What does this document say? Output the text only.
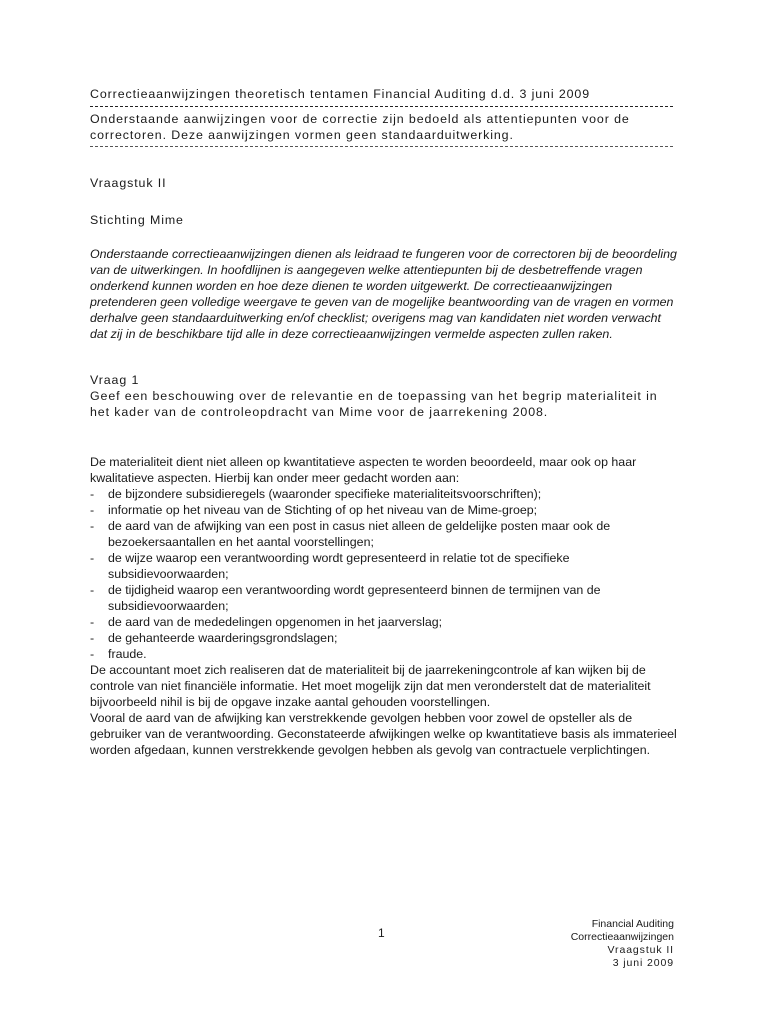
Correctieaanwijzingen theoretisch tentamen Financial Auditing d.d. 3 juni 2009

Onderstaande aanwijzingen voor de correctie zijn bedoeld als attentiepunten voor de correctoren. Deze aanwijzingen vormen geen standaarduitwerking.

Vraagstuk II

Stichting Mime

Onderstaande correctieaanwijzingen dienen als leidraad te fungeren voor de correctoren bij de beoordeling van de uitwerkingen. In hoofdlijnen is aangegeven welke attentiepunten bij de desbetreffende vragen onderkend kunnen worden en hoe deze dienen te worden uitgewerkt. De correctieaanwijzingen pretenderen geen volledige weergave te geven van de mogelijke beantwoording van de vragen en vormen derhalve geen standaarduitwerking en/of checklist; overigens mag van kandidaten niet worden verwacht dat zij in de beschikbare tijd alle in deze correctieaanwijzingen vermelde aspecten zullen raken.

Vraag 1

Geef een beschouwing over de relevantie en de toepassing van het begrip materialiteit in het kader van de controleopdracht van Mime voor de jaarrekening 2008.

De materialiteit dient niet alleen op kwantitatieve aspecten te worden beoordeeld, maar ook op haar kwalitatieve aspecten. Hierbij kan onder meer gedacht worden aan:

- de bijzondere subsidieregels (waaronder specifieke materialiteitsvoorschriften);
- informatie op het niveau van de Stichting of op het niveau van de Mime-groep;
- de aard van de afwijking van een post in casus niet alleen de geldelijke posten maar ook de bezoekersaantallen en het aantal voorstellingen;
- de wijze waarop een verantwoording wordt gepresenteerd in relatie tot de specifieke subsidievoorwaarden;
- de tijdigheid waarop een verantwoording wordt gepresenteerd binnen de termijnen van de subsidievoorwaarden;
- de aard van de mededelingen opgenomen in het jaarverslag;
- de gehanteerde waarderingsgrondslagen;
- fraude.

De accountant moet zich realiseren dat de materialiteit bij de jaarrekeningcontrole af kan wijken bij de controle van niet financiële informatie. Het moet mogelijk zijn dat men veronderstelt dat de materialiteit bijvoorbeeld nihil is bij de opgave inzake aantal gehouden voorstellingen.

Vooral de aard van de afwijking kan verstrekkende gevolgen hebben voor zowel de opsteller als de gebruiker van de verantwoording. Geconstateerde afwijkingen welke op kwantitatieve basis als immaterieel worden afgedaan, kunnen verstrekkende gevolgen hebben als gevolg van contractuele verplichtingen.

1
Financial Auditing
Correctieaanwijzingen
Vraagstuk II
3 juni 2009
